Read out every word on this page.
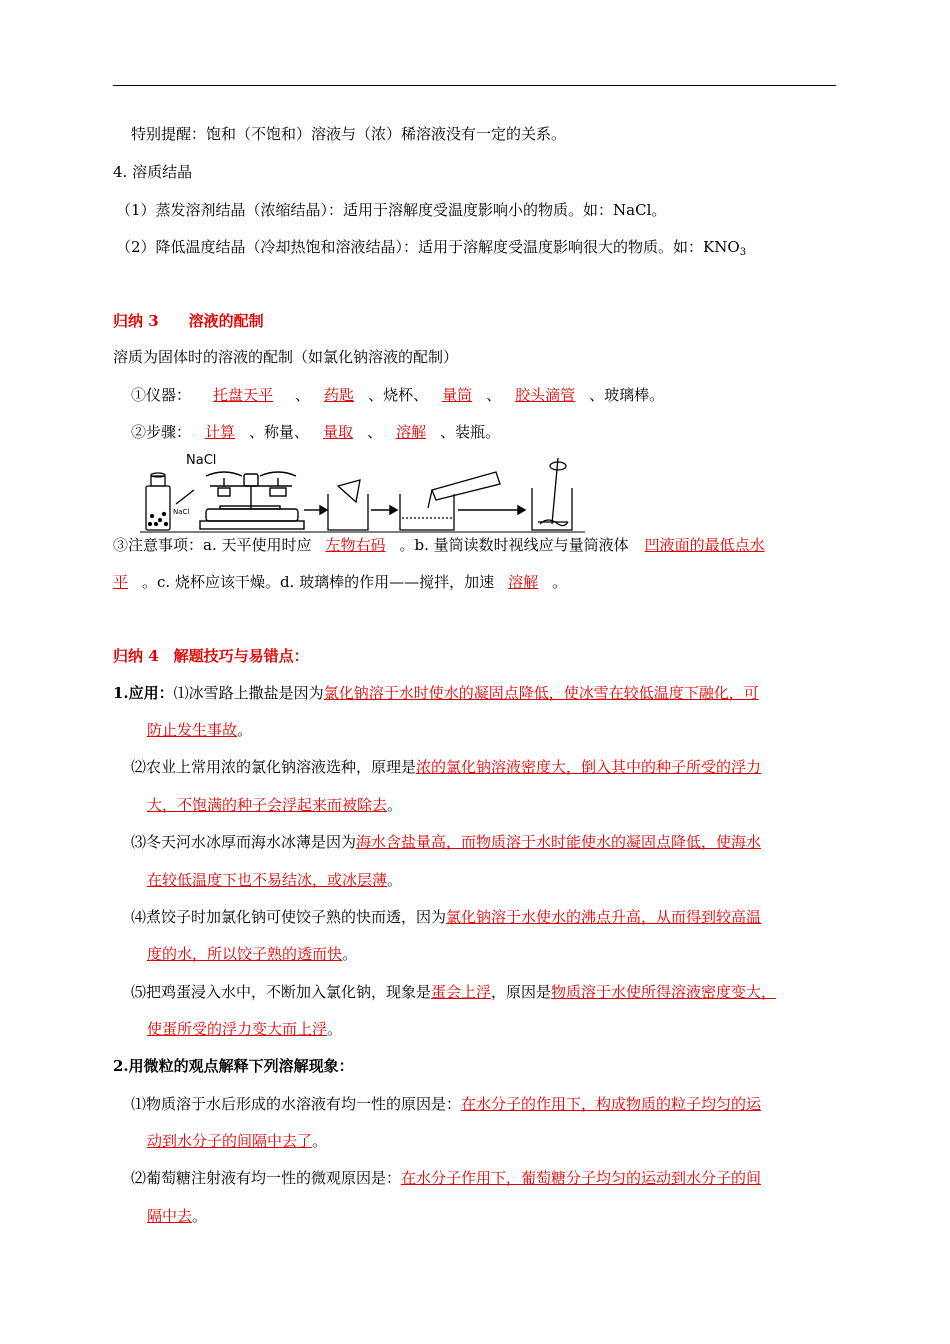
特别提醒：饱和（不饱和）溶液与（浓）稀溶液没有一定的关系。
4. 溶质结晶
（1）蒸发溶剂结晶（浓缩结晶）：适用于溶解度受温度影响小的物质。如：NaCl。
（2）降低温度结晶（冷却热饱和溶液结晶）：适用于溶解度受温度影响很大的物质。如：$KNO_3$
归纳 3 溶液的配制
溶质为固体时的溶液的配制（如氯化钠溶液的配制）
①仪器： 托盘天平 、 药匙 、烧杯、 量筒 、 胶头滴管 、玻璃棒。
②步骤： 计算 、称量、 量取 、 溶解 、装瓶。
NaCl
NaCl
③注意事项：a. 天平使用时应 左物右码 。b. 量筒读数时视线应与量筒液体 凹液面的最低点水
平 。c. 烧杯应该干燥。d. 玻璃棒的作用——搅拌，加速 溶解 。
归纳 4　解题技巧与易错点：
1.应用：⑴冰雪路上撒盐是因为氯化钠溶于水时使水的凝固点降低，使冰雪在较低温度下融化，可
防止发生事故。
⑵农业上常用浓的氯化钠溶液选种，原理是浓的氯化钠溶液密度大，倒入其中的种子所受的浮力
大，不饱满的种子会浮起来而被除去。
⑶冬天河水冰厚而海水冰薄是因为海水含盐量高，而物质溶于水时能使水的凝固点降低，使海水
在较低温度下也不易结冰，或冰层薄。
⑷煮饺子时加氯化钠可使饺子熟的快而透，因为氯化钠溶于水使水的沸点升高，从而得到较高温
度的水，所以饺子熟的透而快。
⑸把鸡蛋浸入水中，不断加入氯化钠，现象是蛋会上浮，原因是物质溶于水使所得溶液密度变大，
使蛋所受的浮力变大而上浮。
2.用微粒的观点解释下列溶解现象：
⑴物质溶于水后形成的水溶液有均一性的原因是：在水分子的作用下，构成物质的粒子均匀的运
动到水分子的间隔中去了。
⑵葡萄糖注射液有均一性的微观原因是：在水分子作用下，葡萄糖分子均匀的运动到水分子的间
隔中去。
